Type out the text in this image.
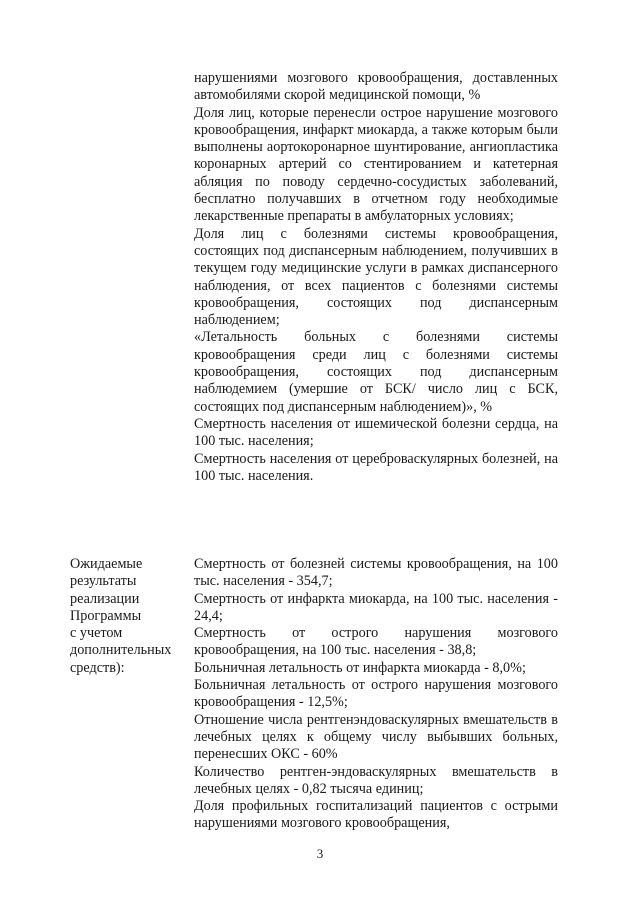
нарушениями мозгового кровообращения, доставленных автомобилями скорой медицинской помощи, %

Доля лиц, которые перенесли острое нарушение мозгового кровообращения, инфаркт миокарда, а также которым были выполнены аортокоронарное шунтирование, ангиопластика коронарных артерий со стентированием и катетерная абляция по поводу сердечно-сосудистых заболеваний, бесплатно получавших в отчетном году необходимые лекарственные препараты в амбулаторных условиях;

Доля лиц с болезнями системы кровообращения, состоящих под диспансерным наблюдением, получивших в текущем году медицинские услуги в рамках диспансерного наблюдения, от всех пациентов с болезнями системы кровообращения, состоящих под диспансерным наблюдением;

«Летальность больных с болезнями системы кровообращения среди лиц с болезнями системы кровообращения, состоящих под диспансерным наблюдемием (умершие от БСК/ число лиц с БСК, состоящих под диспансерным наблюдением)», %

Смертность населения от ишемической болезни сердца, на 100 тыс. населения;

Смертность населения от цереброваскулярных болезней, на 100 тыс. населения.

Ожидаемые
результаты
реализации
Программы
с учетом
дополнительных
средств):

Смертность от болезней системы кровообращения, на 100 тыс. населения - 354,7;

Смертность от инфаркта миокарда, на 100 тыс. населения - 24,4;

Смертность от острого нарушения мозгового кровообращения, на 100 тыс. населения - 38,8;

Больничная летальность от инфаркта миокарда - 8,0%;

Больничная летальность от острого нарушения мозгового кровообращения - 12,5%;

Отношение числа рентгенэндоваскулярных вмешательств в лечебных целях к общему числу выбывших больных, перенесших ОКС - 60%

Количество рентген-эндоваскулярных вмешательств в лечебных целях - 0,82 тысяча единиц;

Доля профильных госпитализаций пациентов с острыми нарушениями мозгового кровообращения,

3
